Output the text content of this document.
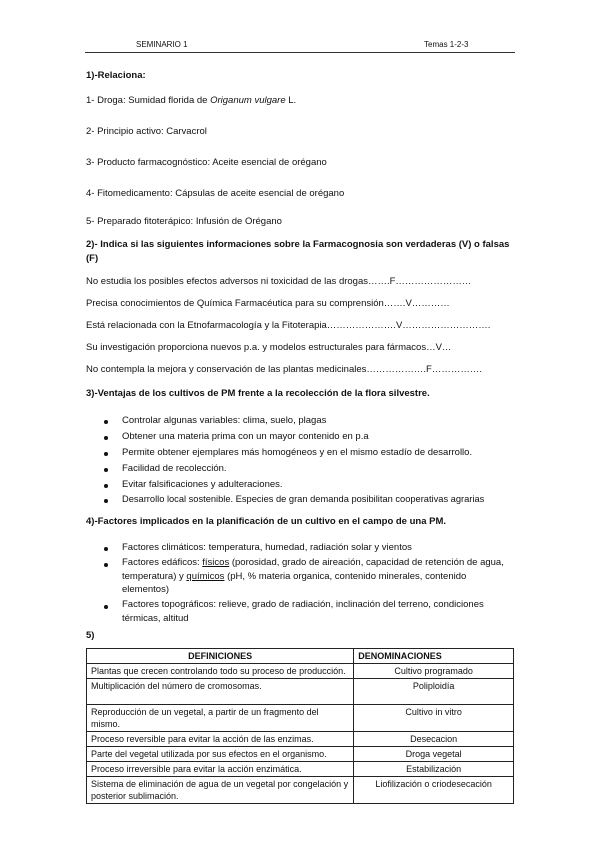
SEMINARIO 1	Temas 1-2-3
1)-Relaciona:
1- Droga: Sumidad florida de Origanum vulgare L.
2- Principio activo: Carvacrol
3- Producto farmacognóstico: Aceite esencial de orégano
4- Fitomedicamento: Cápsulas de aceite esencial de orégano
5- Preparado fitoterápico: Infusión de Orégano
2)- Indica si las siguientes informaciones sobre la Farmacognosia son verdaderas (V) o falsas (F)
No estudia los posibles efectos adversos ni toxicidad de las drogas…….F……………………
Precisa conocimientos de Química Farmacéutica para su comprensión…….V…………
Está relacionada con la Etnofarmacología y la Fitoterapia………………….V……………………….
Su investigación proporciona nuevos p.a. y modelos estructurales para fármacos…V…
No contempla la mejora y conservación de las plantas medicinales……………….F…………….
3)-Ventajas de los cultivos de PM frente a la recolección de la flora silvestre.
Controlar algunas variables: clima, suelo, plagas
Obtener una materia prima con un mayor contenido en p.a
Permite obtener ejemplares más homogéneos y en el mismo estadío de desarrollo.
Facilidad de recolección.
Evitar falsificaciones y adulteraciones.
Desarrollo local sostenible. Especies de gran demanda posibilitan cooperativas agrarias
4)-Factores implicados en la planificación de un cultivo en el campo de una PM.
Factores climáticos: temperatura, humedad, radiación solar y vientos
Factores edáficos: físicos (porosidad, grado de aireación, capacidad de retención de agua, temperatura) y químicos (pH, % materia organica, contenido minerales, contenido elementos)
Factores topográficos: relieve, grado de radiación, inclinación del terreno, condiciones térmicas, altitud
5)
DEFINICIONES	DENOMINACIONES
Plantas que crecen controlando todo su proceso de producción.	Cultivo programado
Multiplicación del número de cromosomas.	Poliploidía
Reproducción de un vegetal, a partir de un fragmento del mismo.	Cultivo in vitro
Proceso reversible para evitar la acción de las enzimas.	Desecacion
Parte del vegetal utilizada por sus efectos en el organismo.	Droga vegetal
Proceso irreversible para evitar la acción enzimática.	Estabilización
Sistema de eliminación de agua de un vegetal por congelación y posterior sublimación.	Liofilización o criodesecación
